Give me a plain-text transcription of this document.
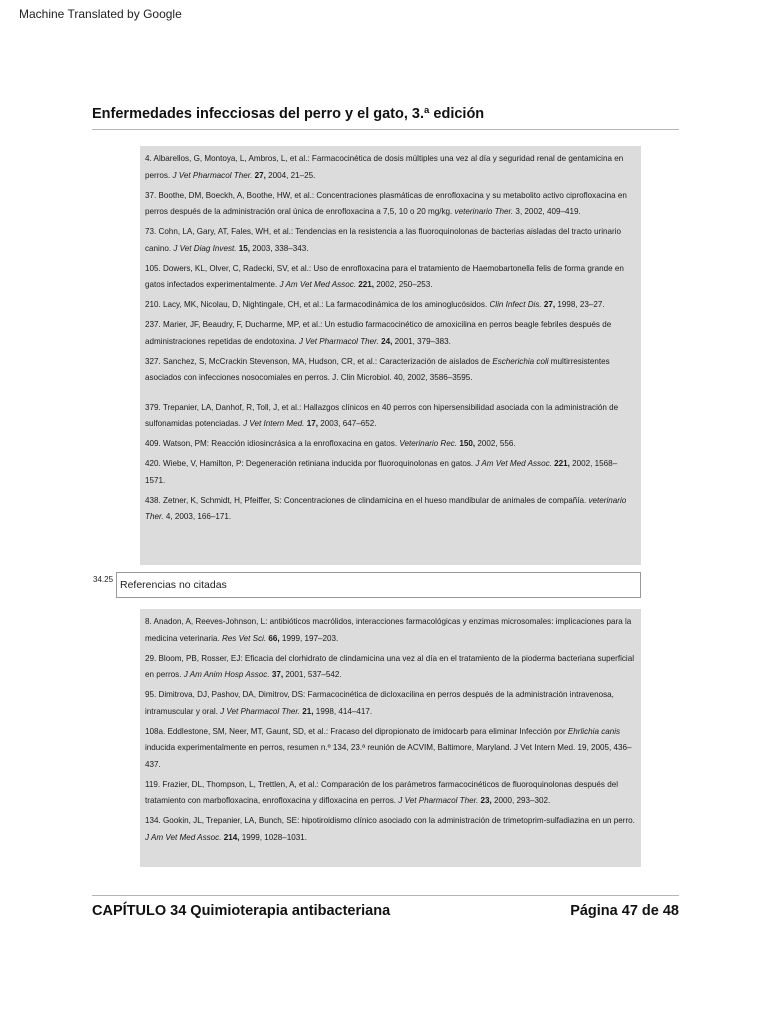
Machine Translated by Google
Enfermedades infecciosas del perro y el gato, 3.ª edición

4. Albarellos, G, Montoya, L, Ambros, L, et al.: Farmacocinética de dosis múltiples una vez al día y seguridad renal de gentamicina en perros. J Vet Pharmacol Ther. 27, 2004, 21–25.

37. Boothe, DM, Boeckh, A, Boothe, HW, et al.: Concentraciones plasmáticas de enrofloxacina y su metabolito activo ciprofloxacina en perros después de la administración oral única de enrofloxacina a 7,5, 10 o 20 mg/kg. veterinario Ther. 3, 2002, 409–419.

73. Cohn, LA, Gary, AT, Fales, WH, et al.: Tendencias en la resistencia a las fluoroquinolonas de bacterias aisladas del tracto urinario canino. J Vet Diag Invest. 15, 2003, 338–343.

105. Dowers, KL, Olver, C, Radecki, SV, et al.: Uso de enrofloxacina para el tratamiento de Haemobartonella felis de forma grande en gatos infectados experimentalmente. J Am Vet Med Assoc. 221, 2002, 250–253.

210. Lacy, MK, Nicolau, D, Nightingale, CH, et al.: La farmacodinámica de los aminoglucósidos. Clin Infect Dis. 27, 1998, 23–27.

237. Marier, JF, Beaudry, F, Ducharme, MP, et al.: Un estudio farmacocinético de amoxicilina en perros beagle febriles después de administraciones repetidas de endotoxina. J Vet Pharmacol Ther. 24, 2001, 379–383.

327. Sanchez, S, McCrackin Stevenson, MA, Hudson, CR, et al.: Caracterización de aislados de Escherichia coli multirresistentes asociados con infecciones nosocomiales en perros. J. Clin Microbiol. 40, 2002, 3586–3595.

379. Trepanier, LA, Danhof, R, Toll, J, et al.: Hallazgos clínicos en 40 perros con hipersensibilidad asociada con la administración de sulfonamidas potenciadas. J Vet Intern Med. 17, 2003, 647–652.

409. Watson, PM: Reacción idiosincrásica a la enrofloxacina en gatos. Veterinario Rec. 150, 2002, 556.

420. Wiebe, V, Hamilton, P: Degeneración retiniana inducida por fluoroquinolonas en gatos. J Am Vet Med Assoc. 221, 2002, 1568–1571.

438. Zetner, K, Schmidt, H, Pfeiffer, S: Concentraciones de clindamicina en el hueso mandibular de animales de compañía. veterinario Ther. 4, 2003, 166–171.

34.25 Referencias no citadas

8. Anadon, A, Reeves-Johnson, L: antibióticos macrólidos, interacciones farmacológicas y enzimas microsomales: implicaciones para la medicina veterinaria. Res Vet Sci. 66, 1999, 197–203.

29. Bloom, PB, Rosser, EJ: Eficacia del clorhidrato de clindamicina una vez al día en el tratamiento de la pioderma bacteriana superficial en perros. J Am Anim Hosp Assoc. 37, 2001, 537–542.

95. Dimitrova, DJ, Pashov, DA, Dimitrov, DS: Farmacocinética de dicloxacilina en perros después de la administración intravenosa, intramuscular y oral. J Vet Pharmacol Ther. 21, 1998, 414–417.

108a. Eddlestone, SM, Neer, MT, Gaunt, SD, et al.: Fracaso del dipropionato de imidocarb para eliminar Infección por Ehrlichia canis inducida experimentalmente en perros, resumen n.º 134, 23.ª reunión de ACVIM, Baltimore, Maryland. J Vet Intern Med. 19, 2005, 436–437.

119. Frazier, DL, Thompson, L, Trettlen, A, et al.: Comparación de los parámetros farmacocinéticos de fluoroquinolonas después del tratamiento con marbofloxacina, enrofloxacina y difloxacina en perros. J Vet Pharmacol Ther. 23, 2000, 293–302.

134. Gookin, JL, Trepanier, LA, Bunch, SE: hipotiroidismo clínico asociado con la administración de trimetoprim-sulfadiazina en un perro. J Am Vet Med Assoc. 214, 1999, 1028–1031.

CAPÍTULO 34 Quimioterapia antibacteriana	Página 47 de 48
